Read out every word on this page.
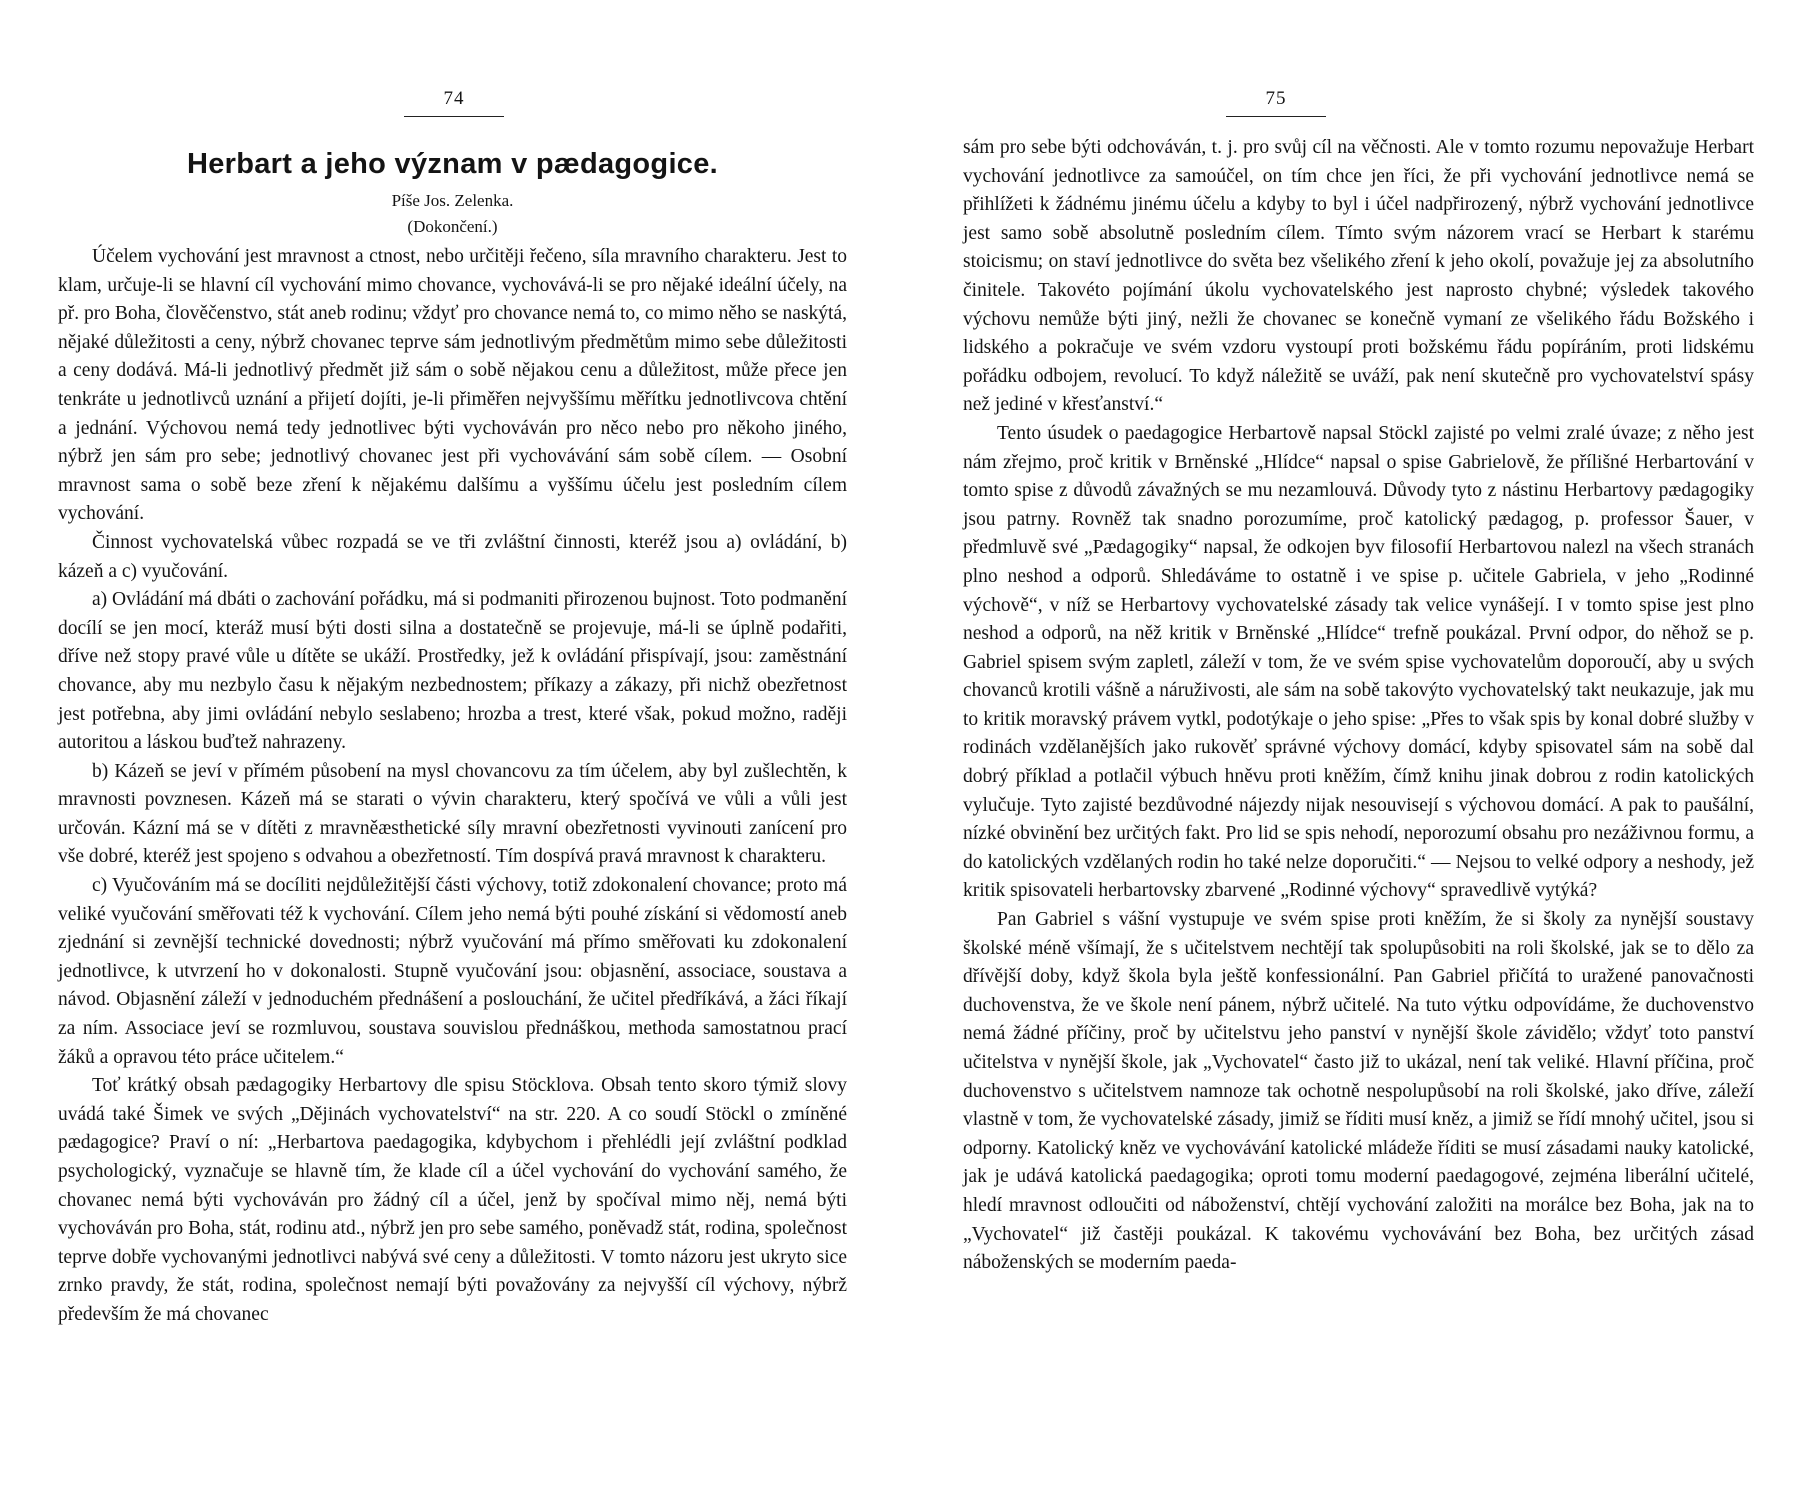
74
Herbart a jeho význam v pædagogice.
Píše Jos. Zelenka.
(Dokončení.)

Účelem vychování jest mravnost a ctnost, nebo určitěji řečeno, síla mravního charakteru. Jest to klam, určuje-li se hlavní cíl vychování mimo chovance, vychovává-li se pro nějaké ideální účely, na př. pro Boha, člověčenstvo, stát aneb rodinu; vždyť pro chovance nemá to, co mimo něho se naskýtá, nějaké důležitosti a ceny, nýbrž chovanec teprve sám jednotlivým předmětům mimo sebe důležitosti a ceny dodává. Má-li jednotlivý předmět již sám o sobě nějakou cenu a důležitost, může přece jen tenkráte u jednotlivců uznání a přijetí dojíti, je-li přiměřen nejvyššímu měřítku jednotlivcova chtění a jednání. Výchovou nemá tedy jednotlivec býti vychováván pro něco nebo pro někoho jiného, nýbrž jen sám pro sebe; jednotlivý chovanec jest při vychovávání sám sobě cílem. — Osobní mravnost sama o sobě beze zření k nějakému dalšímu a vyššímu účelu jest posledním cílem vychování.

Činnost vychovatelská vůbec rozpadá se ve tři zvláštní činnosti, kteréž jsou a) ovládání, b) kázeň a c) vyučování.

a) Ovládání má dbáti o zachování pořádku, má si podmaniti přirozenou bujnost. Toto podmanění docílí se jen mocí, kteráž musí býti dosti silna a dostatečně se projevuje, má-li se úplně podařiti, dříve než stopy pravé vůle u dítěte se ukáží. Prostředky, jež k ovládání přispívají, jsou: zaměstnání chovance, aby mu nezbylo času k nějakým nezbednostem; příkazy a zákazy, při nichž obezřetnost jest potřebna, aby jimi ovládání nebylo seslabeno; hrozba a trest, které však, pokud možno, raději autoritou a láskou buďtež nahrazeny.

b) Kázeň se jeví v přímém působení na mysl chovancovu za tím účelem, aby byl zušlechtěn, k mravnosti povznesen. Kázeň má se starati o vývin charakteru, který spočívá ve vůli a vůli jest určován. Kázní má se v dítěti z mravněæsthetické síly mravní obezřetnosti vyvinouti zanícení pro vše dobré, kteréž jest spojeno s odvahou a obezřetností. Tím dospívá pravá mravnost k charakteru.

c) Vyučováním má se docíliti nejdůležitější části výchovy, totiž zdokonalení chovance; proto má veliké vyučování směřovati též k vychování. Cílem jeho nemá býti pouhé získání si vědomostí aneb zjednání si zevnější technické dovednosti; nýbrž vyučování má přímo směřovati ku zdokonalení jednotlivce, k utvrzení ho v dokonalosti. Stupně vyučování jsou: objasnění, associace, soustava a návod. Objasnění záleží v jednoduchém přednášení a poslouchání, že učitel předříkává, a žáci říkají za ním. Associace jeví se rozmluvou, soustava souvislou přednáškou, methoda samostatnou prací žáků a opravou této práce učitelem.“

Toť krátký obsah pædagogiky Herbartovy dle spisu Stöcklova. Obsah tento skoro týmiž slovy uvádá také Šimek ve svých „Dějinách vychovatelství“ na str. 220. A co soudí Stöckl o zmíněné pædagogice? Praví o ní: „Herbartova paedagogika, kdybychom i přehlédli její zvláštní podklad psychologický, vyznačuje se hlavně tím, že klade cíl a účel vychování do vychování samého, že chovanec nemá býti vychováván pro žádný cíl a účel, jenž by spočíval mimo něj, nemá býti vychováván pro Boha, stát, rodinu atd., nýbrž jen pro sebe samého, poněvadž stát, rodina, společnost teprve dobře vychovanými jednotlivci nabývá své ceny a důležitosti. V tomto názoru jest ukryto sice zrnko pravdy, že stát, rodina, společnost nemají býti považovány za nejvyšší cíl výchovy, nýbrž především že má chovanec

75

sám pro sebe býti odchováván, t. j. pro svůj cíl na věčnosti. Ale v tomto rozumu nepovažuje Herbart vychování jednotlivce za samoúčel, on tím chce jen říci, že při vychování jednotlivce nemá se přihlížeti k žádnému jinému účelu a kdyby to byl i účel nadpřirozený, nýbrž vychování jednotlivce jest samo sobě absolutně posledním cílem. Tímto svým názorem vrací se Herbart k starému stoicismu; on staví jednotlivce do světa bez všelikého zření k jeho okolí, považuje jej za absolutního činitele. Takovéto pojímání úkolu vychovatelského jest naprosto chybné; výsledek takového výchovu nemůže býti jiný, nežli že chovanec se konečně vymaní ze všelikého řádu Božského i lidského a pokračuje ve svém vzdoru vystoupí proti božskému řádu popíráním, proti lidskému pořádku odbojem, revolucí. To když náležitě se uváží, pak není skutečně pro vychovatelství spásy než jediné v křesťanství.“

Tento úsudek o paedagogice Herbartově napsal Stöckl zajisté po velmi zralé úvaze; z něho jest nám zřejmo, proč kritik v Brněnské „Hlídce“ napsal o spise Gabrielově, že přílišné Herbartování v tomto spise z důvodů závažných se mu nezamlouvá. Důvody tyto z nástinu Herbartovy pædagogiky jsou patrny. Rovněž tak snadno porozumíme, proč katolický pædagog, p. professor Šauer, v předmluvě své „Pædagogiky“ napsal, že odkojen byv filosofií Herbartovou nalezl na všech stranách plno neshod a odporů. Shledáváme to ostatně i ve spise p. učitele Gabriela, v jeho „Rodinné výchově“, v níž se Herbartovy vychovatelské zásady tak velice vynášejí. I v tomto spise jest plno neshod a odporů, na něž kritik v Brněnské „Hlídce“ trefně poukázal. První odpor, do něhož se p. Gabriel spisem svým zapletl, záleží v tom, že ve svém spise vychovatelům doporoučí, aby u svých chovanců krotili vášně a náruživosti, ale sám na sobě takovýto vychovatelský takt neukazuje, jak mu to kritik moravský právem vytkl, podotýkaje o jeho spise: „Přes to však spis by konal dobré služby v rodinách vzdělanějších jako rukověť správné výchovy domácí, kdyby spisovatel sám na sobě dal dobrý příklad a potlačil výbuch hněvu proti kněžím, čímž knihu jinak dobrou z rodin katolických vylučuje. Tyto zajisté bezdůvodné nájezdy nijak nesouvisejí s výchovou domácí. A pak to paušální, nízké obvinění bez určitých fakt. Pro lid se spis nehodí, neporozumí obsahu pro nezáživnou formu, a do katolických vzdělaných rodin ho také nelze doporučiti.“ — Nejsou to velké odpory a neshody, jež kritik spisovateli herbartovsky zbarvené „Rodinné výchovy“ spravedlivě vytýká?

Pan Gabriel s vášní vystupuje ve svém spise proti kněžím, že si školy za nynější soustavy školské méně všímají, že s učitelstvem nechtějí tak spolupůsobiti na roli školské, jak se to dělo za dřívější doby, když škola byla ještě konfessionální. Pan Gabriel přičítá to uražené panovačnosti duchovenstva, že ve škole není pánem, nýbrž učitelé. Na tuto výtku odpovídáme, že duchovenstvo nemá žádné příčiny, proč by učitelstvu jeho panství v nynější škole závidělo; vždyť toto panství učitelstva v nynější škole, jak „Vychovatel“ často již to ukázal, není tak veliké. Hlavní příčina, proč duchovenstvo s učitelstvem namnoze tak ochotně nespolupůsobí na roli školské, jako dříve, záleží vlastně v tom, že vychovatelské zásady, jimiž se říditi musí kněz, a jimiž se řídí mnohý učitel, jsou si odporny. Katolický kněz ve vychovávání katolické mládeže říditi se musí zásadami nauky katolické, jak je udává katolická paedagogika; oproti tomu moderní paedagogové, zejména liberální učitelé, hledí mravnost odloučiti od náboženství, chtějí vychování založiti na morálce bez Boha, jak na to „Vychovatel“ již častěji poukázal. K takovému vychovávání bez Boha, bez určitých zásad náboženských se moderním paeda-
